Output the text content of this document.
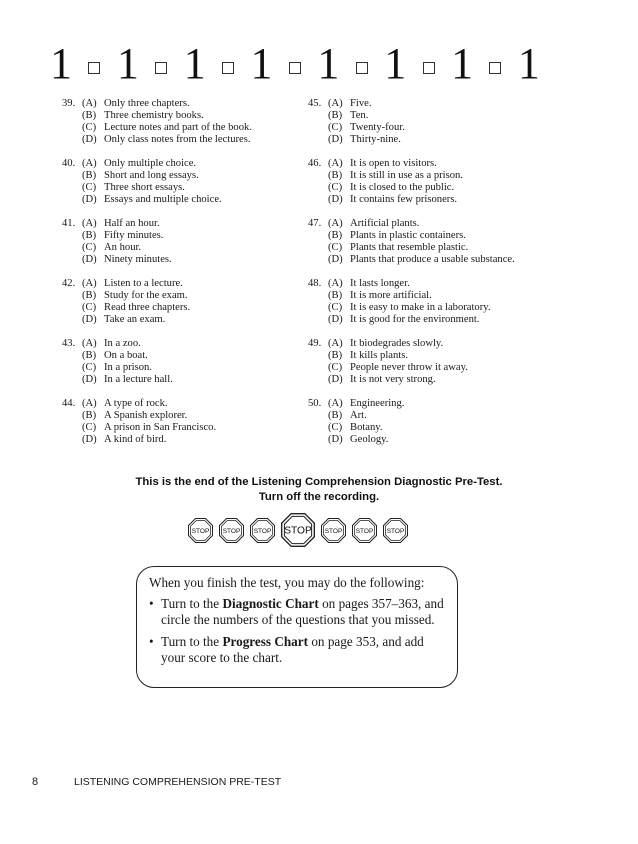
1 1 1 1 1 1 1 1
39. (A) Only three chapters.
(B) Three chemistry books.
(C) Lecture notes and part of the book.
(D) Only class notes from the lectures.
40. (A) Only multiple choice.
(B) Short and long essays.
(C) Three short essays.
(D) Essays and multiple choice.
41. (A) Half an hour.
(B) Fifty minutes.
(C) An hour.
(D) Ninety minutes.
42. (A) Listen to a lecture.
(B) Study for the exam.
(C) Read three chapters.
(D) Take an exam.
43. (A) In a zoo.
(B) On a boat.
(C) In a prison.
(D) In a lecture hall.
44. (A) A type of rock.
(B) A Spanish explorer.
(C) A prison in San Francisco.
(D) A kind of bird.
45. (A) Five.
(B) Ten.
(C) Twenty-four.
(D) Thirty-nine.
46. (A) It is open to visitors.
(B) It is still in use as a prison.
(C) It is closed to the public.
(D) It contains few prisoners.
47. (A) Artificial plants.
(B) Plants in plastic containers.
(C) Plants that resemble plastic.
(D) Plants that produce a usable substance.
48. (A) It lasts longer.
(B) It is more artificial.
(C) It is easy to make in a laboratory.
(D) It is good for the environment.
49. (A) It biodegrades slowly.
(B) It kills plants.
(C) People never throw it away.
(D) It is not very strong.
50. (A) Engineering.
(B) Art.
(C) Botany.
(D) Geology.
This is the end of the Listening Comprehension Diagnostic Pre-Test.
Turn off the recording.
STOP STOP STOP STOP STOP STOP STOP
When you finish the test, you may do the following:
• Turn to the Diagnostic Chart on pages 357–363, and circle the numbers of the questions that you missed.
• Turn to the Progress Chart on page 353, and add your score to the chart.
8	LISTENING COMPREHENSION PRE-TEST
